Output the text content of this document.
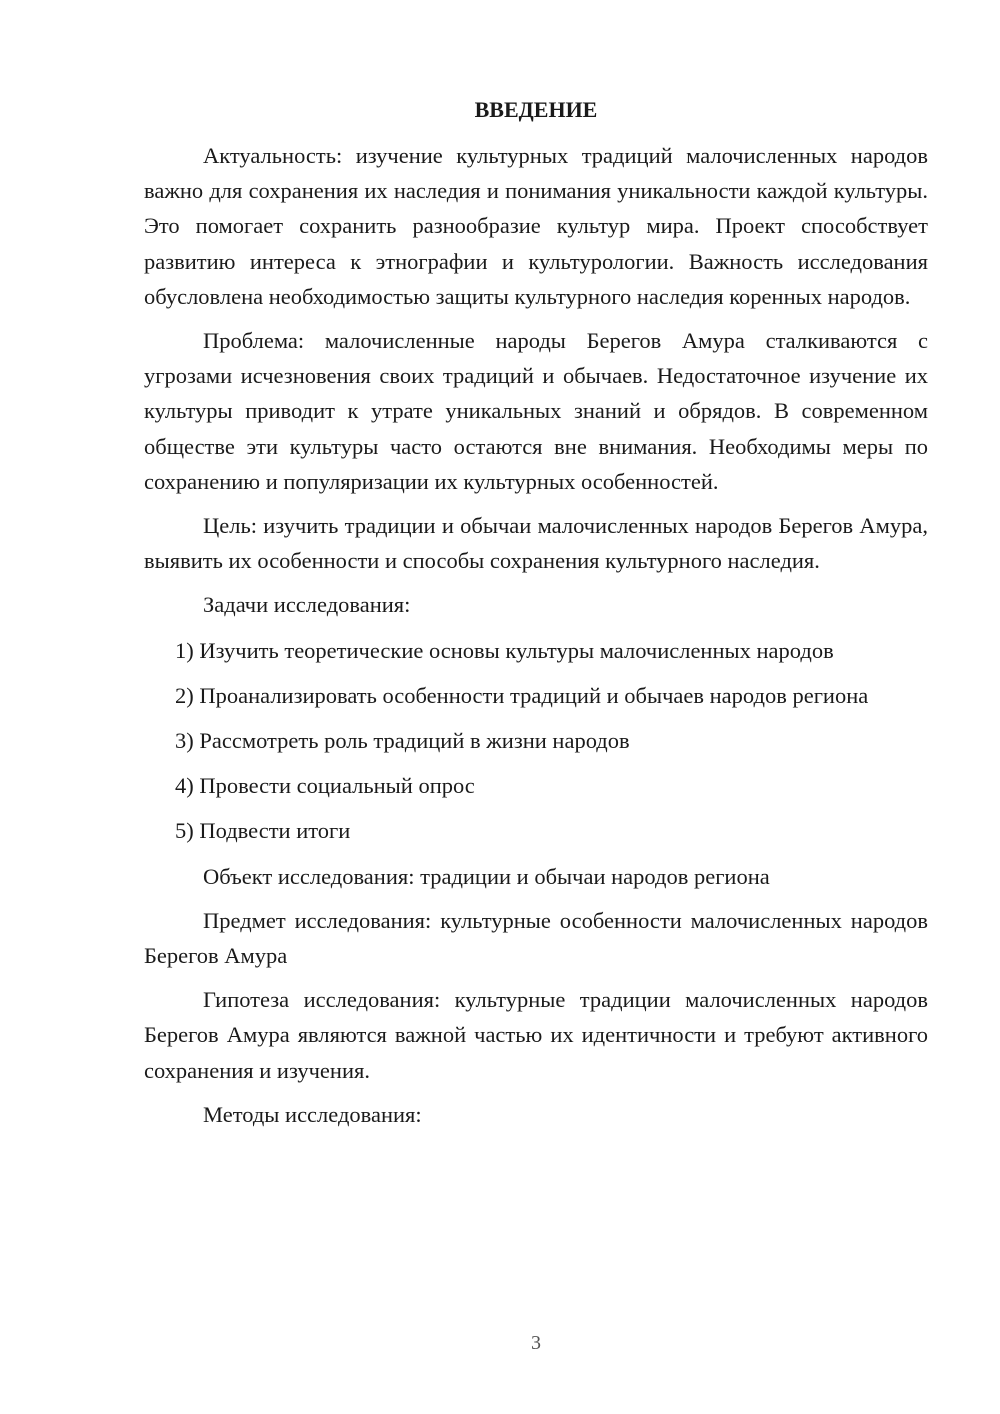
ВВЕДЕНИЕ

Актуальность: изучение культурных традиций малочисленных народов важно для сохранения их наследия и понимания уникальности каждой культуры. Это помогает сохранить разнообразие культур мира. Проект способствует развитию интереса к этнографии и культурологии. Важность исследования обусловлена необходимостью защиты культурного наследия коренных народов.

Проблема: малочисленные народы Берегов Амура сталкиваются с угрозами исчезновения своих традиций и обычаев. Недостаточное изучение их культуры приводит к утрате уникальных знаний и обрядов. В современном обществе эти культуры часто остаются вне внимания. Необходимы меры по сохранению и популяризации их культурных особенностей.

Цель: изучить традиции и обычаи малочисленных народов Берегов Амура, выявить их особенности и способы сохранения культурного наследия.

Задачи исследования:

1) Изучить теоретические основы культуры малочисленных народов

2) Проанализировать особенности традиций и обычаев народов региона

3) Рассмотреть роль традиций в жизни народов

4) Провести социальный опрос

5) Подвести итоги

Объект исследования: традиции и обычаи народов региона

Предмет исследования: культурные особенности малочисленных народов Берегов Амура

Гипотеза исследования: культурные традиции малочисленных народов Берегов Амура являются важной частью их идентичности и требуют активного сохранения и изучения.

Методы исследования:

3
